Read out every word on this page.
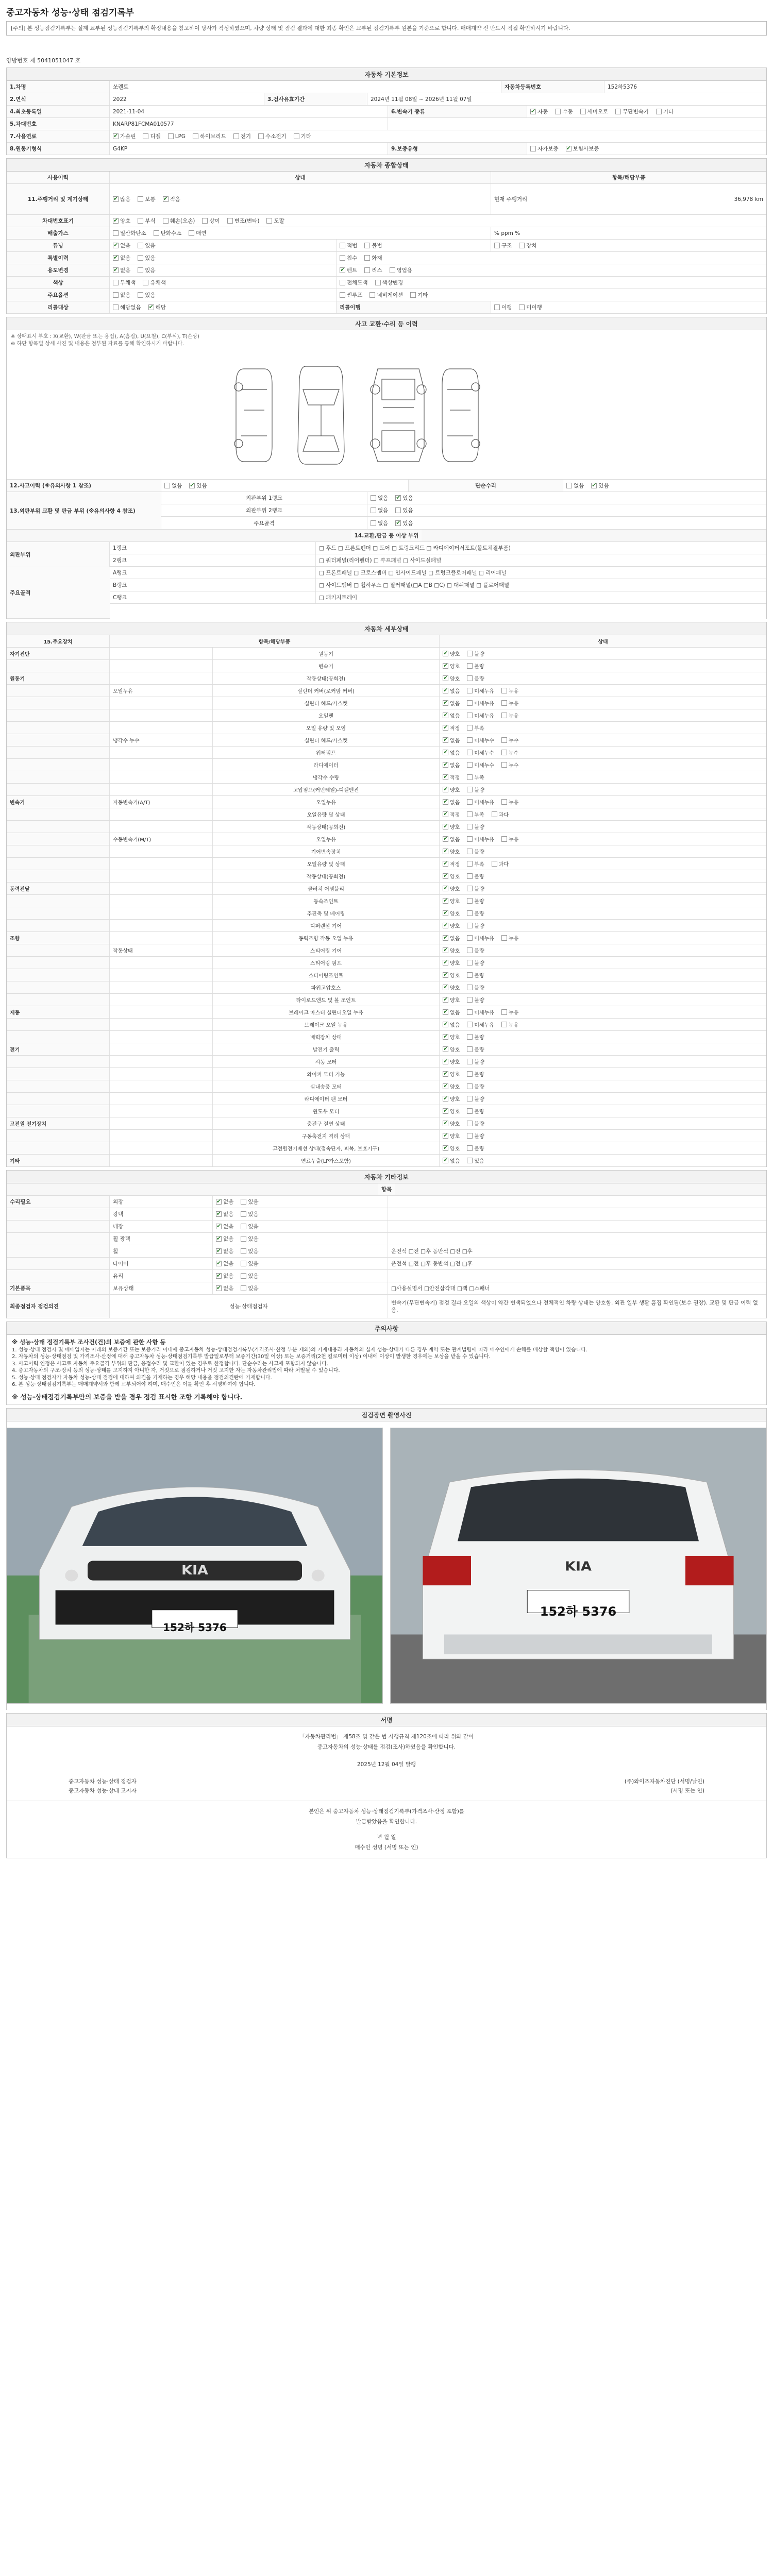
중고자동차 성능·상태 점검기록부
[주의] 본 성능점검기록부는 실제 교부된 성능점검기록부의 확정내용을 참고하여 당사가 작성하였으며, 차량 상태 및 점검 결과에 대한 최종 확인은 교부된 점검기록부 원본을 기준으로 합니다. 매매계약 전 반드시 직접 확인하시기 바랍니다.
양방번호 제 5041051047 호
자동차 기본정보
1.차명	쏘렌토	자동차등록번호	152하5376
2.연식	2022	3.검사유효기간	2024년 11월 08일 ~ 2026년 11월 07일
4.최초등록일	2021-11-04	6.변속기 종류 ✔	자동	수동	세미오토	무단변속기	기타
5.차대번호	KNARP81FCMA010577
7.사용연료 ✔	가솔린	디젤	LPG	하이브리드	전기	수소전기	기타
8.원동기형식	G4KP	9.보증유형	자가보증 ✔	보험사보증
자동차 종합상태
사용이력	상태	항목/해당부품
11.주행거리 및 계기상태 ✔	많음	보통 ✔	적음	현재 주행거리	36,978 km
차대번호표기 ✔	양호	부식	훼손(오손)	상이	변조(변타)	도말
배출가스	일산화탄소	탄화수소	매연	% ppm %
튜닝 ✔	없음	있음	적법	불법	구조	장치
특별이력 ✔	없음	있음	침수	화재
용도변경 ✔	없음	있음 ✔	렌트	리스	영업용
색상	무채색	유채색	전체도색	색상변경
주요옵션	없음	있음	썬루프	네비게이션	기타
리콜대상	해당없음 ✔	해당	리콜이행	이행	미이행
사고 교환·수리 등 이력
※ 상태표시 부호 : X(교환), W(판금 또는 용접), A(흠집), U(요철), C(부식), T(손상)
※ 하단 항목별 상세 사진 및 내용은 첨부된 자료를 통해 확인하시기 바랍니다.
12.사고이력 (※유의사항 1 참조)	없음 ✔	있음	단순수리	없음 ✔	있음
13.외판부위 교환 및 판금 부위 (※유의사항 4 참조)
외판부위 1랭크	없음 ✔	있음
외판부위 2랭크	없음	있음
주요골격	없음 ✔	있음
14.교환,판금 등 이상 부위
외판부위
주요골격
1랭크	□ 후드 □ 프론트펜더 □ 도어 □ 트렁크리드 □ 라디에이터서포트(볼트체결부품)
2랭크	□ 쿼터패널(리어펜더) □ 루프패널 □ 사이드실패널
A랭크	□ 프론트패널 □ 크로스멤버 □ 인사이드패널 □ 트렁크플로어패널 □ 리어패널
B랭크	□ 사이드멤버 □ 휠하우스 □ 필러패널(□A □B □C) □ 대쉬패널 □ 플로어패널
C랭크	□ 패키지트레이
자동차 세부상태
15.주요장치	항목/해당부품	상태
자기진단	원동기 ✔	양호	불량
변속기 ✔	양호	불량
원동기	작동상태(공회전) ✔	양호	불량
오일누유	실린더 커버(로커암 커버) ✔	없음	미세누유	누유
실린더 헤드/가스켓 ✔	없음	미세누유	누유
오일팬 ✔	없음	미세누유	누유
오일 유량 및 오염 ✔	적정	부족
냉각수 누수	실린더 헤드/가스켓 ✔	없음	미세누수	누수
워터펌프 ✔	없음	미세누수	누수
라디에이터 ✔	없음	미세누수	누수
냉각수 수량 ✔	적정	부족
고압펌프(커먼레일)-디젤엔진 ✔	양호	불량
변속기	자동변속기(A/T)	오일누유 ✔	없음	미세누유	누유
오일유량 및 상태 ✔	적정	부족	과다
작동상태(공회전) ✔	양호	불량
수동변속기(M/T)	오일누유 ✔	없음	미세누유	누유
기어변속장치 ✔	양호	불량
오일유량 및 상태 ✔	적정	부족	과다
작동상태(공회전) ✔	양호	불량
동력전달	클러치 어셈블리 ✔	양호	불량
등속조인트 ✔	양호	불량
추진축 및 베어링 ✔	양호	불량
디퍼렌셜 기어 ✔	양호	불량
조향	동력조향 작동 오일 누유 ✔	없음	미세누유	누유
작동상태	스티어링 기어 ✔	양호	불량
스티어링 펌프 ✔	양호	불량
스티어링조인트 ✔	양호	불량
파워고압호스 ✔	양호	불량
타이로드엔드 및 볼 조인트 ✔	양호	불량
제동	브레이크 마스터 실린더오일 누유 ✔	없음	미세누유	누유
브레이크 오일 누유 ✔	없음	미세누유	누유
배력장치 상태 ✔	양호	불량
전기	발전기 출력 ✔	양호	불량
시동 모터 ✔	양호	불량
와이퍼 모터 기능 ✔	양호	불량
실내송풍 모터 ✔	양호	불량
라디에이터 팬 모터 ✔	양호	불량
윈도우 모터 ✔	양호	불량
고전원 전기장치	충전구 절연 상태 ✔	양호	불량
구동축전지 격리 상태 ✔	양호	불량
고전원전기배선 상태(접속단자, 피복, 보호기구) ✔	양호	불량
기타	연료누출(LP가스포함) ✔	없음	있음
자동차 기타정보
항목
수리필요	외장 ✔	없음	있음
광택 ✔	없음	있음
내장 ✔	없음	있음
휠 광택 ✔	없음	있음
휠 ✔	없음	있음	운전석 □전 □후 동반석 □전 □후
타이어 ✔	없음	있음	운전석 □전 □후 동반석 □전 □후
유리 ✔	없음	있음
기본품목	보유상태 ✔	없음	있음	□사용설명서 □안전삼각대 □잭 □스패너
최종점검자 점검의견	성능·상태점검자
변속기(무단변속기) 점검 결과 오일의 색상이 약간 변색되었으나 전체적인 차량 상태는 양호함. 외관 일부 생활 흠집 확인됨(보수 권장). 교환 및 판금 이력 없음.
주의사항
※ 성능·상태 점검기록부 조사건(건)의 보증에 관한 사항 등
1. 성능·상태 점검자 및 매매업자는 아래의 보증기간 또는 보증거리 이내에 중고자동차 성능·상태점검기록부(가격조사·산정 부분 제외)의 기재내용과 자동차의 실제 성능·상태가 다른 경우 계약 또는 관계법령에 따라 매수인에게 손해를 배상할 책임이 있습니다.
2. 자동차의 성능·상태점검 및 가격조사·산정에 대해 중고자동차 성능·상태점검기록부 발급일로부터 보증기간(30일 이상) 또는 보증거리(2천 킬로미터 이상) 이내에 이상이 발생한 경우에는 보상을 받을 수 있습니다.
3. 사고이력 인정은 사고로 자동차 주요골격 부위의 판금, 용접수리 및 교환이 있는 경우로 한정합니다. 단순수리는 사고에 포함되지 않습니다.
4. 중고자동차의 구조·장치 등의 성능·상태를 고지하지 아니한 자, 거짓으로 점검하거나 거짓 고지한 자는 자동차관리법에 따라 처벌될 수 있습니다.
5. 성능·상태 점검자가 자동차 성능·상태 점검에 대하여 의견을 기재하는 경우 해당 내용을 점검의견란에 기재합니다.
6. 본 성능·상태점검기록부는 매매계약서와 함께 교부되어야 하며, 매수인은 이를 확인 후 서명하여야 합니다.
※ 성능·상태점검기록부만의 보증을 받을 경우 점검 표시한 조항 기록해야 합니다.
점검장면 촬영사진
KIA
152하 5376
KIA
152하 5376
서명
「자동차관리법」 제58조 및 같은 법 시행규칙 제120조에 따라 위와 같이
중고자동차의 성능·상태를 점검(조사)하였음을 확인합니다.
2025년 12월 04일 발행
중고자동차 성능·상태 점검자	(주)와이즈자동차진단 (서명/날인)
중고자동차 성능·상태 고지자	(서명 또는 인)
본인은 위 중고자동차 성능·상태점검기록부(가격조사·산정 포함)를
발급받았음을 확인합니다.
년 월 일
매수인 성명 (서명 또는 인)
